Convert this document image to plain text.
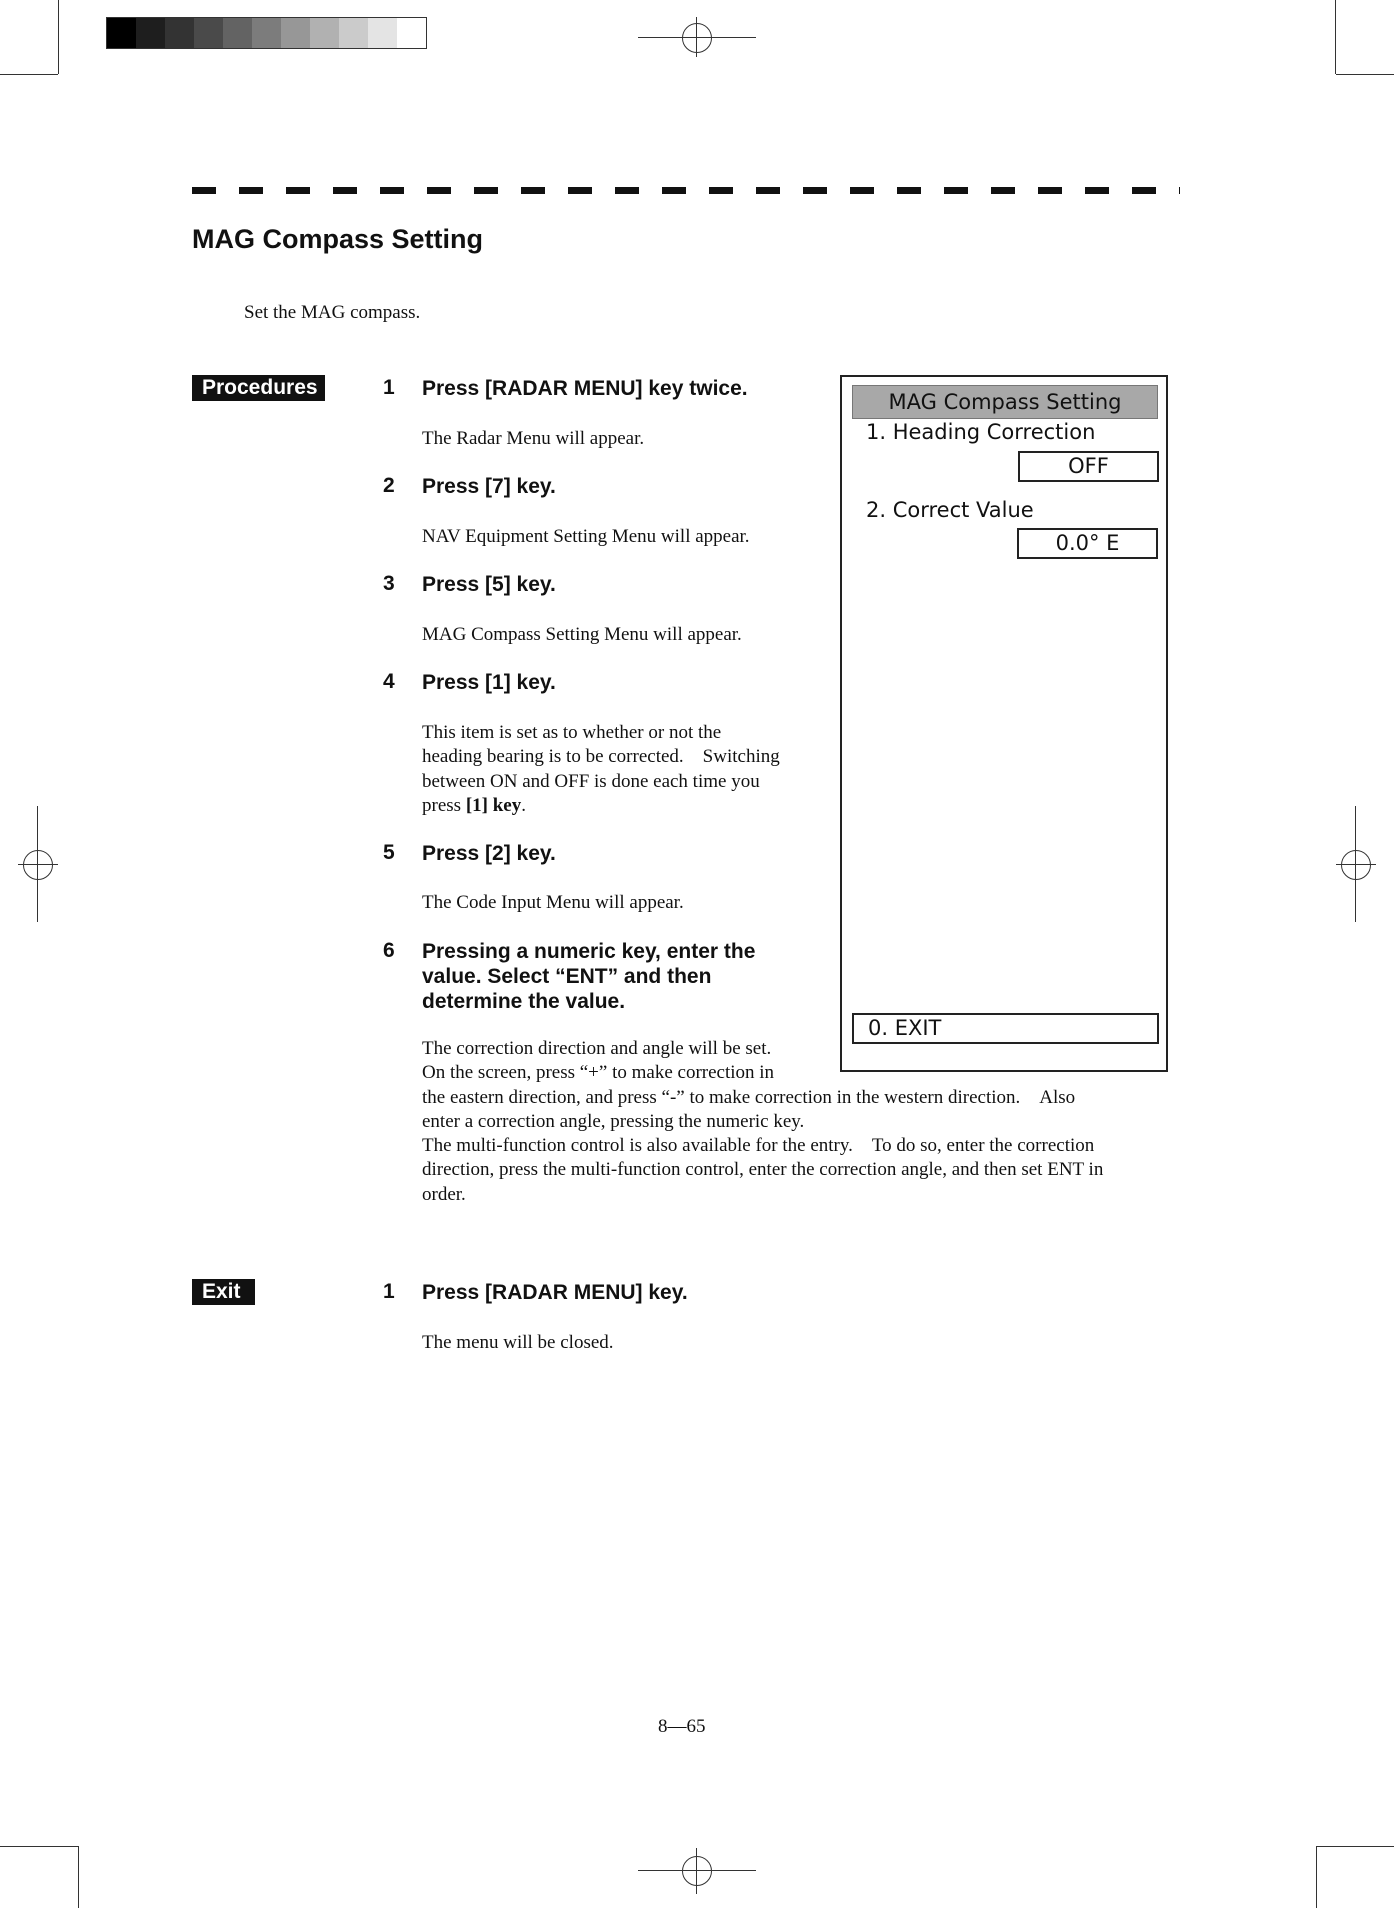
MAG Compass Setting
Set the MAG compass.
Procedures	1 Press [RADAR MENU] key twice.
The Radar Menu will appear.
2 Press [7] key.
NAV Equipment Setting Menu will appear.
3 Press [5] key.
MAG Compass Setting Menu will appear.
4 Press [1] key.
This item is set as to whether or not the
heading bearing is to be corrected.　Switching
between ON and OFF is done each time you
press [1] key.
5 Press [2] key.
The Code Input Menu will appear.
6 Pressing a numeric key, enter the
value. Select “ENT” and then
determine the value.
The correction direction and angle will be set.
On the screen, press “+” to make correction in
the eastern direction, and press “-” to make correction in the western direction.　Also
enter a correction angle, pressing the numeric key.
The multi-function control is also available for the entry.　To do so, enter the correction
direction, press the multi-function control, enter the correction angle, and then set ENT in
order.
MAG Compass Setting
1. Heading Correction
OFF
2. Correct Value
0.0° E
0. EXIT
Exit	1 Press [RADAR MENU] key.
The menu will be closed.
8—65
